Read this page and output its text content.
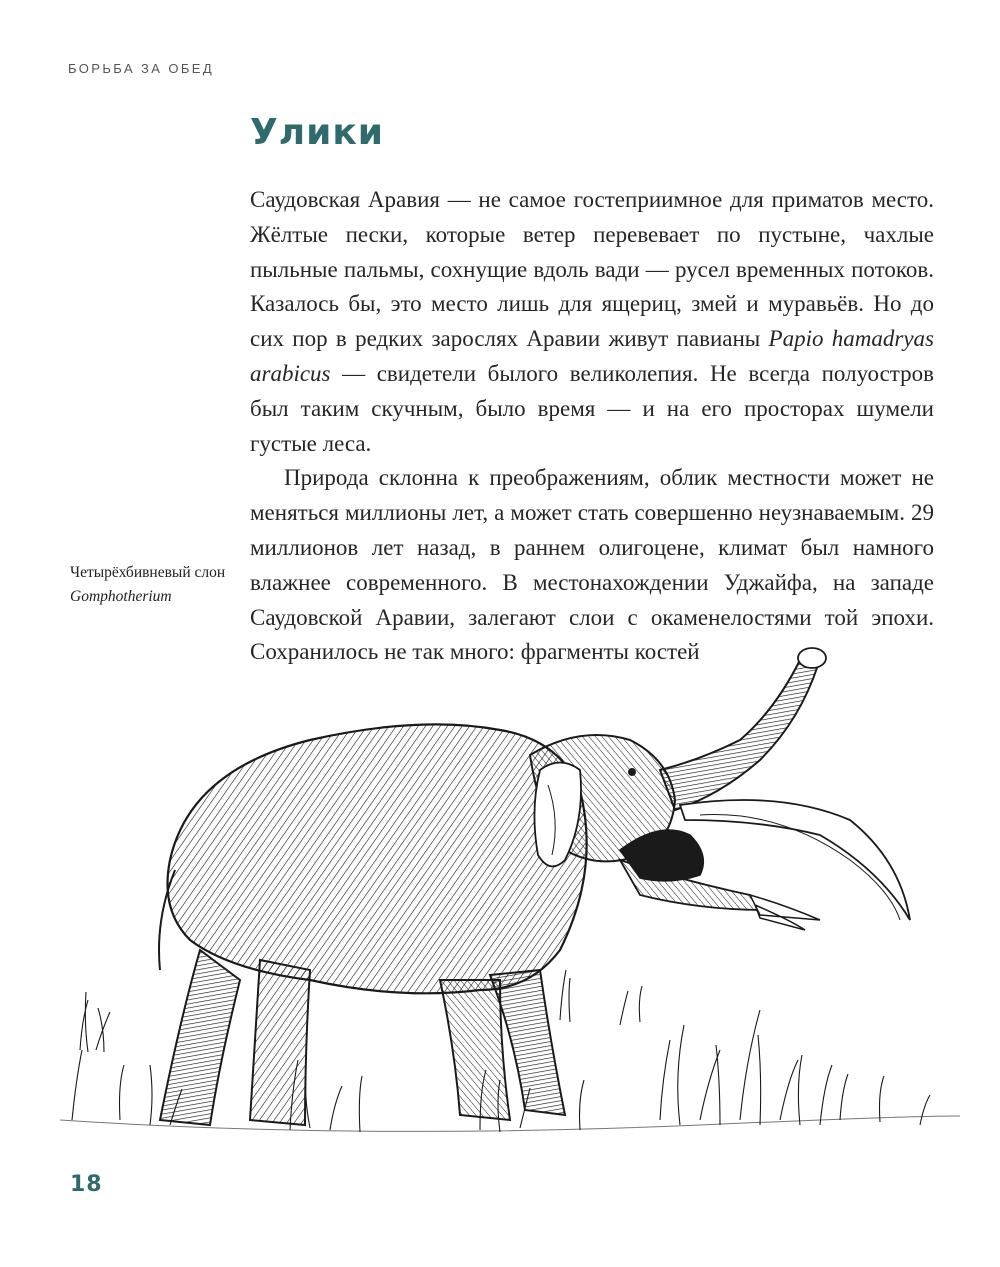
БОРЬБА ЗА ОБЕД
Улики

Саудовская Аравия — не самое гостеприимное для приматов место. Жёлтые пески, которые ветер перевевает по пустыне, чахлые пыльные пальмы, сохнущие вдоль вади — русел временных потоков. Казалось бы, это место лишь для ящериц, змей и муравьёв. Но до сих пор в редких зарослях Аравии живут павианы Papio hamadryas arabicus — свидетели былого великолепия. Не всегда полуостров был таким скучным, было время — и на его просторах шумели густые леса.

Природа склонна к преображениям, облик местности может не меняться миллионы лет, а может стать совершенно неузнаваемым. 29 миллионов лет назад, в раннем олигоцене, климат был намного влажнее современного. В местонахождении Уджайфа, на западе Саудовской Аравии, залегают слои с окаменелостями той эпохи. Сохранилось не так много: фрагменты костей

Четырёхбивневый слон
Gomphotherium
18
